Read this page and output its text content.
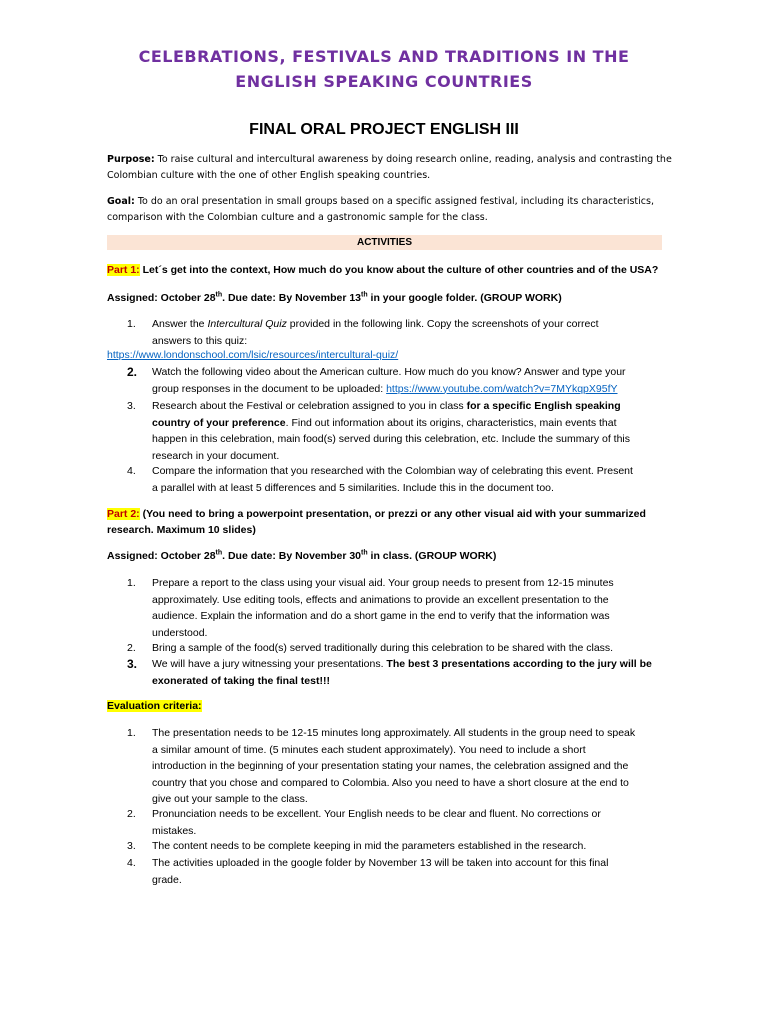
CELEBRATIONS, FESTIVALS AND TRADITIONS IN THE
ENGLISH SPEAKING COUNTRIES
FINAL ORAL PROJECT ENGLISH III

Purpose: To raise cultural and intercultural awareness by doing research online, reading, analysis and contrasting the
Colombian culture with the one of other English speaking countries.

Goal: To do an oral presentation in small groups based on a specific assigned festival, including its characteristics,
comparison with the Colombian culture and a gastronomic sample for the class.

ACTIVITIES

Part 1: Let´s get into the context, How much do you know about the culture of other countries and of the USA?

Assigned: October 28th. Due date: By November 13th in your google folder. (GROUP WORK)

1.	Answer the Intercultural Quiz provided in the following link. Copy the screenshots of your correct
answers to this quiz:

https://www.londonschool.com/lsic/resources/intercultural-quiz/

2.	Watch the following video about the American culture. How much do you know? Answer and type your
group responses in the document to be uploaded: https://www.youtube.com/watch?v=7MYkqpX95fY
3.	Research about the Festival or celebration assigned to you in class for a specific English speaking
country of your preference. Find out information about its origins, characteristics, main events that
happen in this celebration, main food(s) served during this celebration, etc. Include the summary of this
research in your document.
4.	Compare the information that you researched with the Colombian way of celebrating this event. Present
a parallel with at least 5 differences and 5 similarities. Include this in the document too.

Part 2: (You need to bring a powerpoint presentation, or prezzi or any other visual aid with your summarized

research. Maximum 10 slides)

Assigned: October 28th. Due date: By November 30th in class. (GROUP WORK)

1.	Prepare a report to the class using your visual aid. Your group needs to present from 12-15 minutes
approximately. Use editing tools, effects and animations to provide an excellent presentation to the
audience. Explain the information and do a short game in the end to verify that the information was
understood.
2.	Bring a sample of the food(s) served traditionally during this celebration to be shared with the class.
3.	We will have a jury witnessing your presentations. The best 3 presentations according to the jury will be
exonerated of taking the final test!!!

Evaluation criteria:

1.	The presentation needs to be 12-15 minutes long approximately. All students in the group need to speak
a similar amount of time. (5 minutes each student approximately). You need to include a short
introduction in the beginning of your presentation stating your names, the celebration assigned and the
country that you chose and compared to Colombia. Also you need to have a short closure at the end to
give out your sample to the class.
2.	Pronunciation needs to be excellent. Your English needs to be clear and fluent. No corrections or
mistakes.
3.	The content needs to be complete keeping in mid the parameters established in the research.
4.	The activities uploaded in the google folder by November 13 will be taken into account for this final
grade.
